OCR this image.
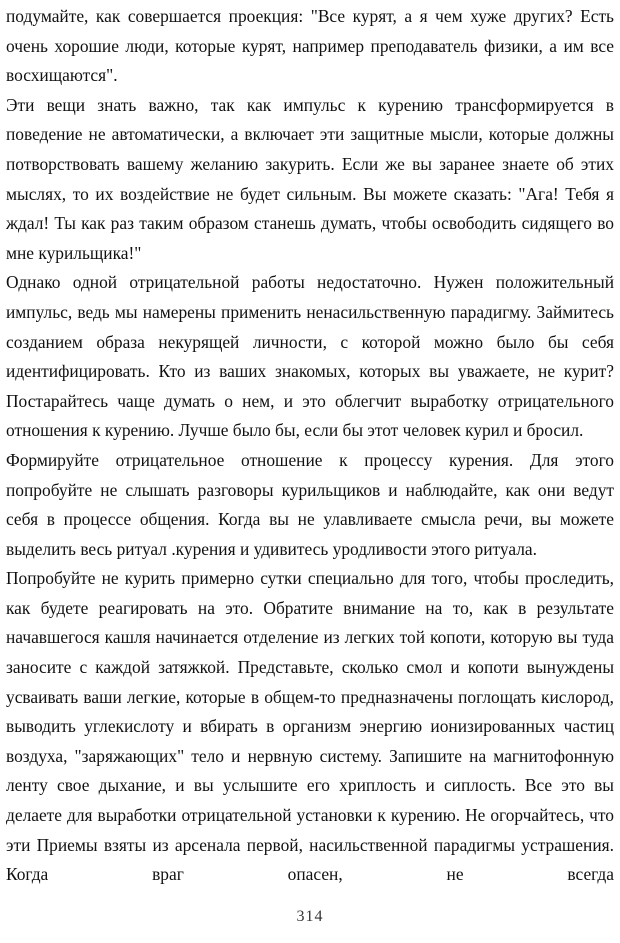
подумайте, как совершается проекция: "Все курят, а я чем хуже других? Есть очень хорошие люди, которые курят, например преподаватель физики, а им все восхищаются".

Эти вещи знать важно, так как импульс к курению трансформируется в поведение не автоматически, а включает эти защитные мысли, которые должны потворствовать вашему желанию закурить. Если же вы заранее знаете об этих мыслях, то их воздействие не будет сильным. Вы можете сказать: "Ага! Тебя я ждал! Ты как раз таким образом станешь думать, чтобы освободить сидящего во мне курильщика!"

Однако одной отрицательной работы недостаточно. Нужен положительный импульс, ведь мы намерены применить ненасильственную парадигму. Займитесь созданием образа некурящей личности, с которой можно было бы себя идентифицировать. Кто из ваших знакомых, которых вы уважаете, не курит? Постарайтесь чаще думать о нем, и это облегчит выработку отрицательного отношения к курению. Лучше было бы, если бы этот человек курил и бросил.

Формируйте отрицательное отношение к процессу курения. Для этого попробуйте не слышать разговоры курильщиков и наблюдайте, как они ведут себя в процессе общения. Когда вы не улавливаете смысла речи, вы можете выделить весь ритуал .курения и удивитесь уродливости этого ритуала.

Попробуйте не курить примерно сутки специально для того, чтобы проследить, как будете реагировать на это. Обратите внимание на то, как в результате начавшегося кашля начинается отделение из легких той копоти, которую вы туда заносите с каждой затяжкой. Представьте, сколько смол и копоти вынуждены усваивать ваши легкие, которые в общем-то предназначены поглощать кислород, выводить углекислоту и вбирать в организм энергию ионизированных частиц воздуха, "заряжающих" тело и нервную систему. Запишите на магнитофонную ленту свое дыхание, и вы услышите его хриплость и сиплость. Все это вы делаете для выработки отрицательной установки к курению. Не огорчайтесь, что эти Приемы взяты из арсенала первой, насильственной парадигмы устрашения. Когда враг опасен, не всегда

314
